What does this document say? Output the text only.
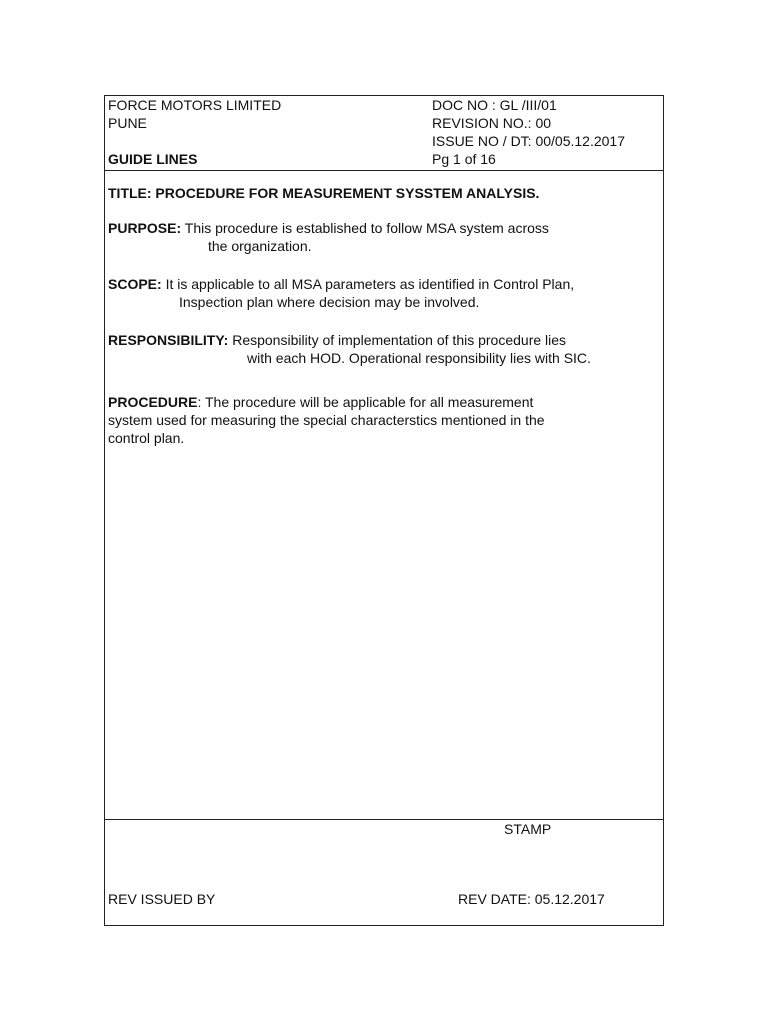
FORCE MOTORS LIMITED
PUNE
GUIDE LINES
DOC NO : GL /III/01
REVISION NO.: 00
ISSUE NO / DT: 00/05.12.2017
Pg 1 of 16
TITLE: PROCEDURE FOR MEASUREMENT SYSSTEM ANALYSIS.
PURPOSE: This procedure is established to follow MSA system across
the organization.
SCOPE: It is applicable to all MSA parameters as identified in Control Plan,
Inspection plan where decision may be involved.
RESPONSIBILITY: Responsibility of implementation of this procedure lies
with each HOD. Operational responsibility lies with SIC.
PROCEDURE: The procedure will be applicable for all measurement
system used for measuring the special characterstics mentioned in the
control plan.
STAMP
REV ISSUED BY	REV DATE: 05.12.2017
